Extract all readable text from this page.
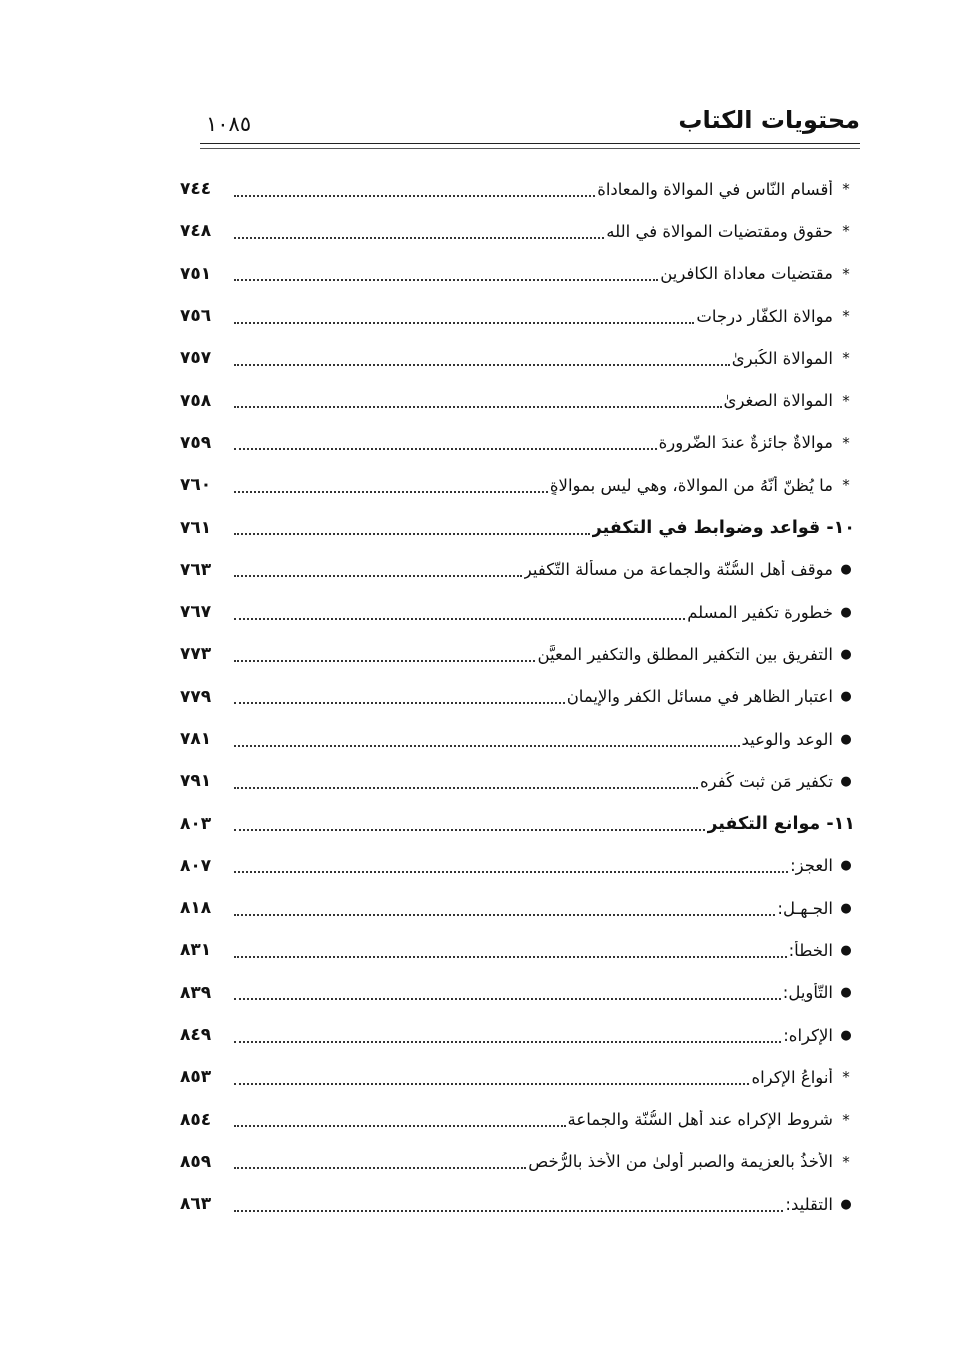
محتويات الكتاب
١٠٨٥
*
أقسام النّاس في الموالاة والمعاداة
٧٤٤
*
حقوق ومقتضيات الموالاة في الله
٧٤٨
*
مقتضيات معاداة الكافرين
٧٥١
*
موالاة الكفّار درجات
٧٥٦
*
الموالاة الكُبرىٰ
٧٥٧
*
الموالاة الصغرىٰ
٧٥٨
*
موالاةٌ جائزةٌ عندَ الضّرورة
٧٥٩
*
ما يُظنّ أنّهُ من الموالاة، وهي ليس بموالاةٍ
٧٦٠
١٠- قواعد وضوابط في التكفير
٧٦١
●
موقف أهل السُّنّة والجماعة من مسألة التّكفير
٧٦٣
●
خطورة تكفير المسلم
٧٦٧
●
التفريق بين التكفير المطلق والتكفير المعيَّن
٧٧٣
●
اعتبار الظاهر في مسائل الكفر والإيمان
٧٧٩
●
الوعد والوعيد
٧٨١
●
تكفير مَن ثبت كُفره
٧٩١
١١- موانع التكفير
٨٠٣
●
العجز:
٨٠٧
●
الجـهـل:
٨١٨
●
الخطأ:
٨٣١
●
التّأويل:
٨٣٩
●
الإكراه:
٨٤٩
*
أنواعُ الإكراه
٨٥٣
*
شروط الإكراه عند أهل السُّنّة والجماعة
٨٥٤
*
الأخذُ بالعزيمة والصبر أولىٰ من الأخذ بالرُّخص
٨٥٩
●
التقليد:
٨٦٣
